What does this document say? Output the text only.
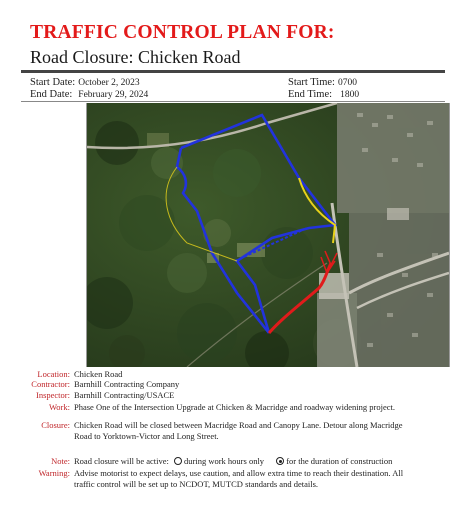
TRAFFIC CONTROL PLAN FOR:
Road Closure: Chicken Road
Start Date: October 2, 2023
End Date: February 29, 2024
Start Time: 0700
End Time: 1800
Location: Chicken Road
Contractor: Barnhill Contracting Company
Inspector: Barnhill Contracting/USACE
Work: Phase One of the Intersection Upgrade at Chicken & Macridge and roadway widening project.
Closure: Chicken Road will be closed between Macridge Road and Canopy Lane. Detour along Macridge Road to Yorktown-Victor and Long Street.
Note: Road closure will be active: during work hours only	for the duration of construction
Warning: Advise motorist to expect delays, use caution, and allow extra time to reach their destination. All traffic control will be set up to NCDOT, MUTCD standards and details.
